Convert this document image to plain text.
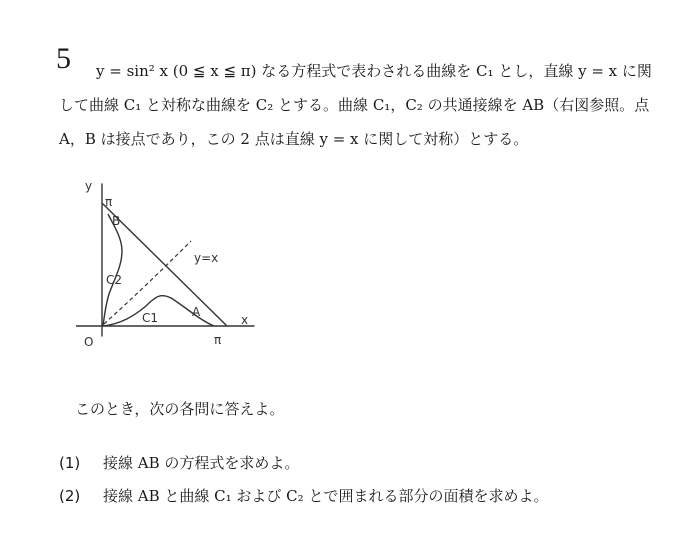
5 y = sin² x (0 ≦ x ≦ π) なる方程式で表わされる曲線を C₁ とし，直線 y = x に関
して曲線 C₁ と対称な曲線を C₂ とする。曲線 C₁，C₂ の共通接線を AB（右図参照。点
A，B は接点であり，この 2 点は直線 y = x に関して対称）とする。
y
π
B
y=x
C2
C1	A
x
O	π
このとき，次の各問に答えよ。
(1) 接線 AB の方程式を求めよ。
(2) 接線 AB と曲線 C₁ および C₂ とで囲まれる部分の面積を求めよ。
